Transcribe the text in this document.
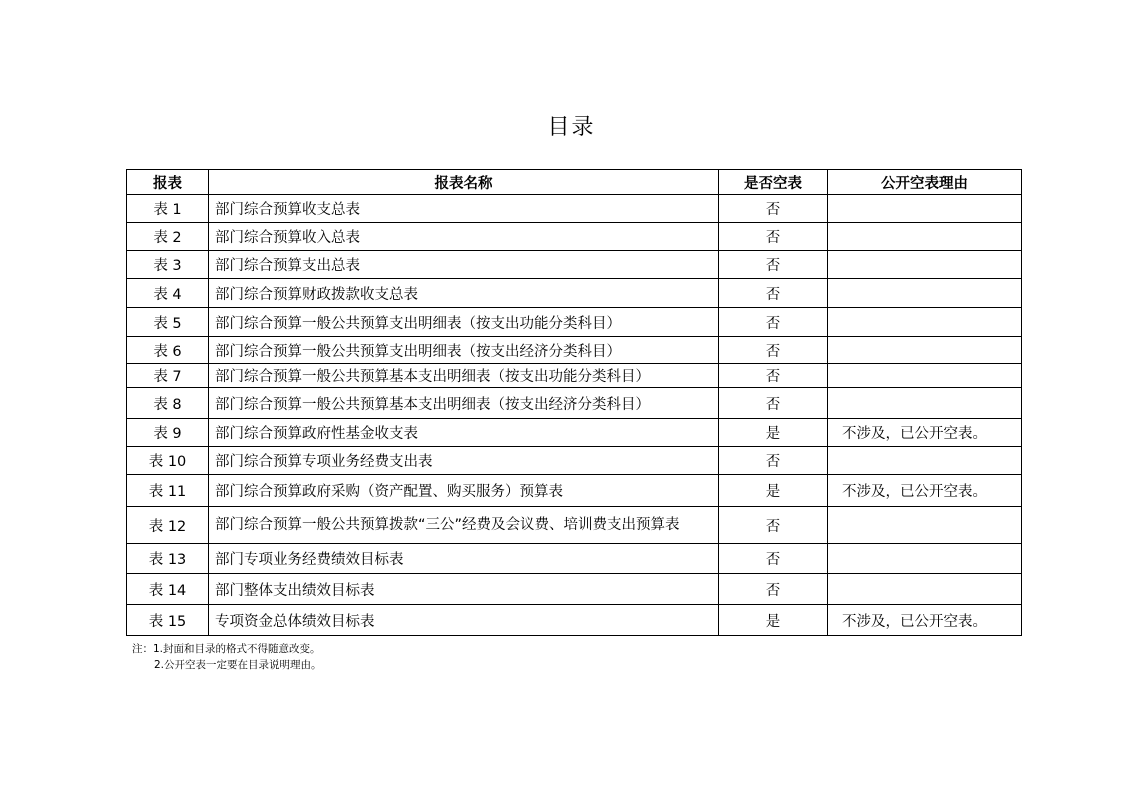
目录
报表	报表名称	是否空表	公开空表理由
表 1	部门综合预算收支总表	否	
表 2	部门综合预算收入总表	否	
表 3	部门综合预算支出总表	否	
表 4	部门综合预算财政拨款收支总表	否	
表 5	部门综合预算一般公共预算支出明细表（按支出功能分类科目）	否	
表 6	部门综合预算一般公共预算支出明细表（按支出经济分类科目）	否	
表 7	部门综合预算一般公共预算基本支出明细表（按支出功能分类科目）	否	
表 8	部门综合预算一般公共预算基本支出明细表（按支出经济分类科目）	否	
表 9	部门综合预算政府性基金收支表	是	不涉及，已公开空表。
表 10	部门综合预算专项业务经费支出表	否	
表 11	部门综合预算政府采购（资产配置、购买服务）预算表	是	不涉及，已公开空表。
表 12	部门综合预算一般公共预算拨款“三公”经费及会议费、培训费支出预算表	否	
表 13	部门专项业务经费绩效目标表	否	
表 14	部门整体支出绩效目标表	否	
表 15	专项资金总体绩效目标表	是	不涉及，已公开空表。
注：1.封面和目录的格式不得随意改变。
2.公开空表一定要在目录说明理由。
